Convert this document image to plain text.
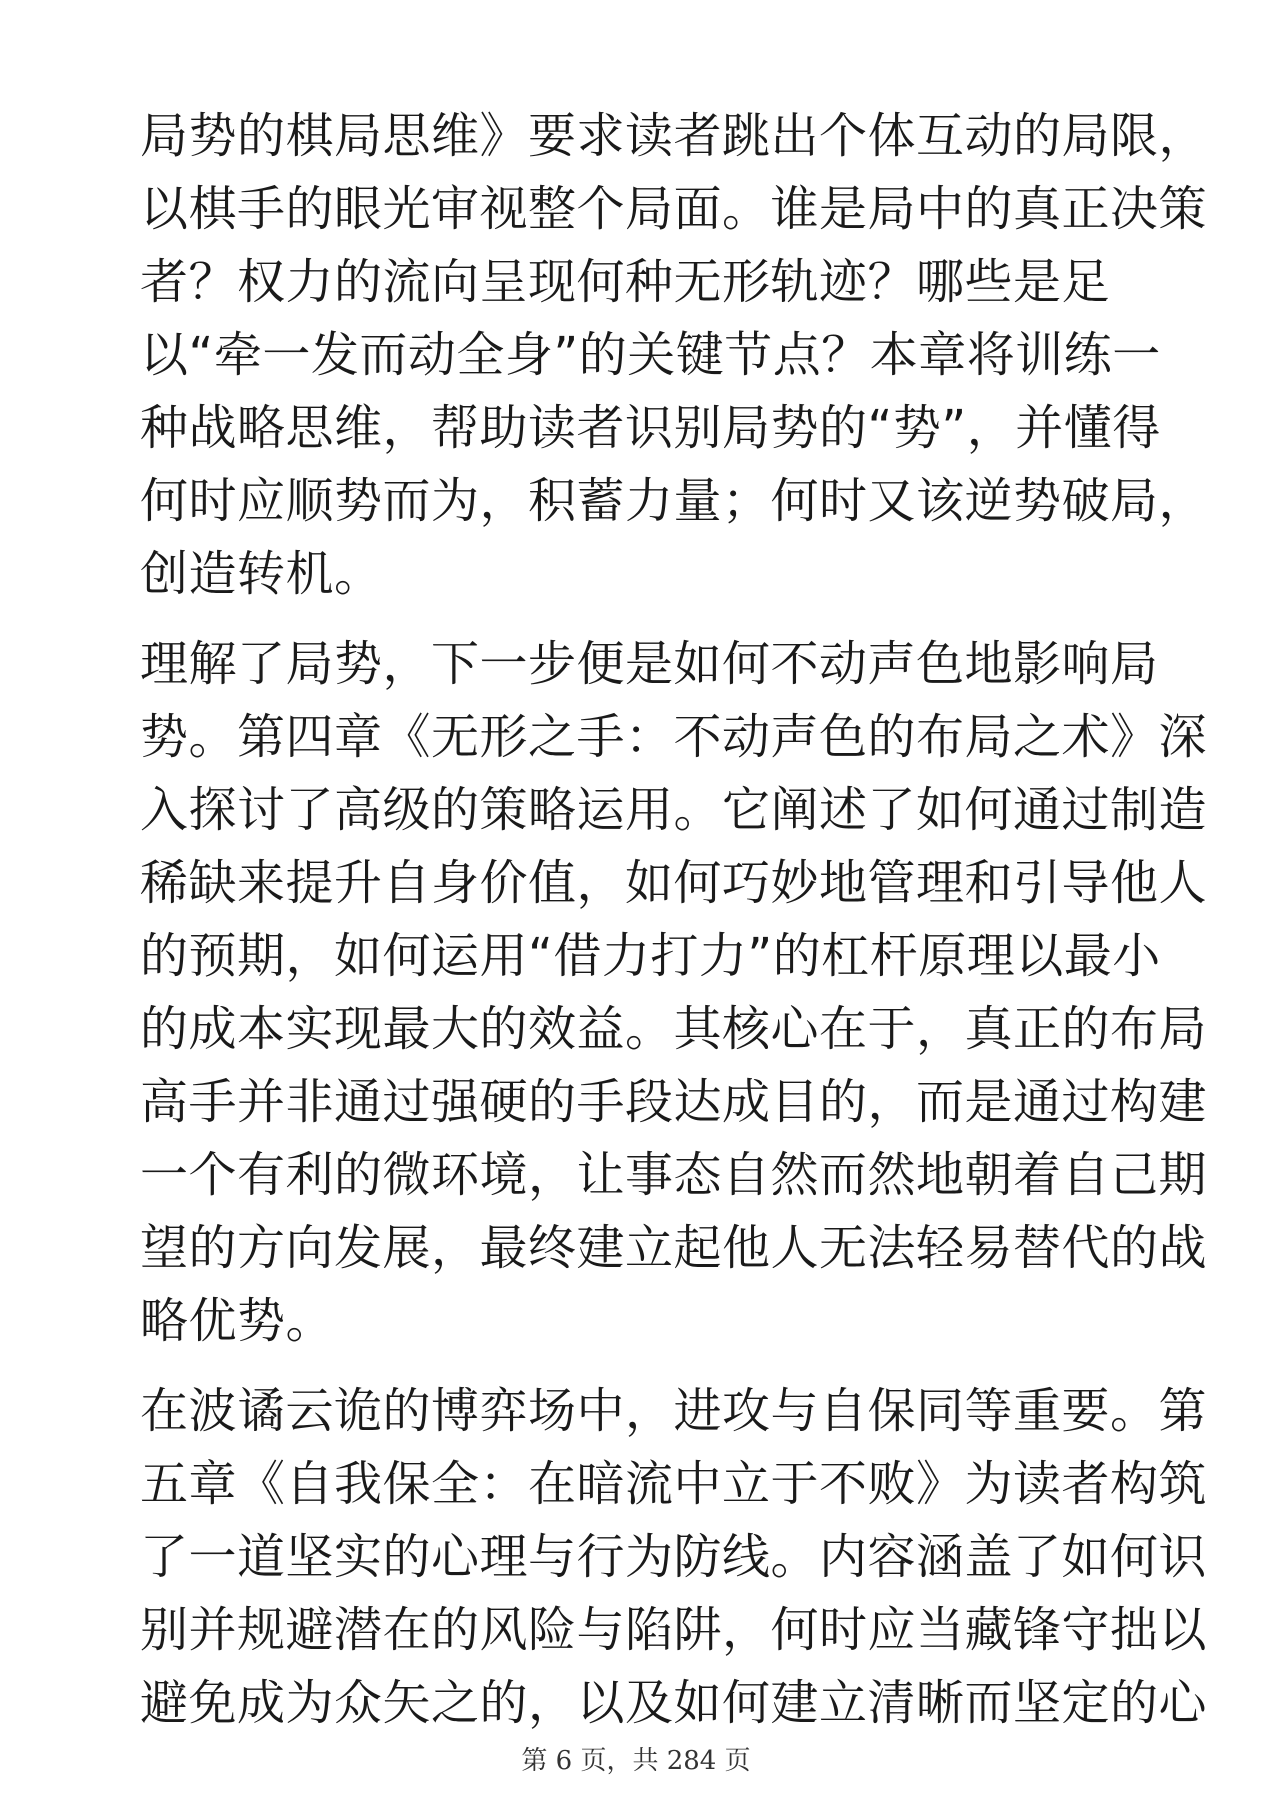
局势的棋局思维》要求读者跳出个体互动的局限，
以棋手的眼光审视整个局面。谁是局中的真正决策
者？权力的流向呈现何种无形轨迹？哪些是足
以“牵一发而动全身”的关键节点？本章将训练一
种战略思维，帮助读者识别局势的“势”，并懂得
何时应顺势而为，积蓄力量；何时又该逆势破局，
创造转机。
理解了局势，下一步便是如何不动声色地影响局
势。第四章《无形之手：不动声色的布局之术》深
入探讨了高级的策略运用。它阐述了如何通过制造
稀缺来提升自身价值，如何巧妙地管理和引导他人
的预期，如何运用“借力打力”的杠杆原理以最小
的成本实现最大的效益。其核心在于，真正的布局
高手并非通过强硬的手段达成目的，而是通过构建
一个有利的微环境，让事态自然而然地朝着自己期
望的方向发展，最终建立起他人无法轻易替代的战
略优势。
在波谲云诡的博弈场中，进攻与自保同等重要。第
五章《自我保全：在暗流中立于不败》为读者构筑
了一道坚实的心理与行为防线。内容涵盖了如何识
别并规避潜在的风险与陷阱，何时应当藏锋守拙以
避免成为众矢之的，以及如何建立清晰而坚定的心
第 6 页，共 284 页
